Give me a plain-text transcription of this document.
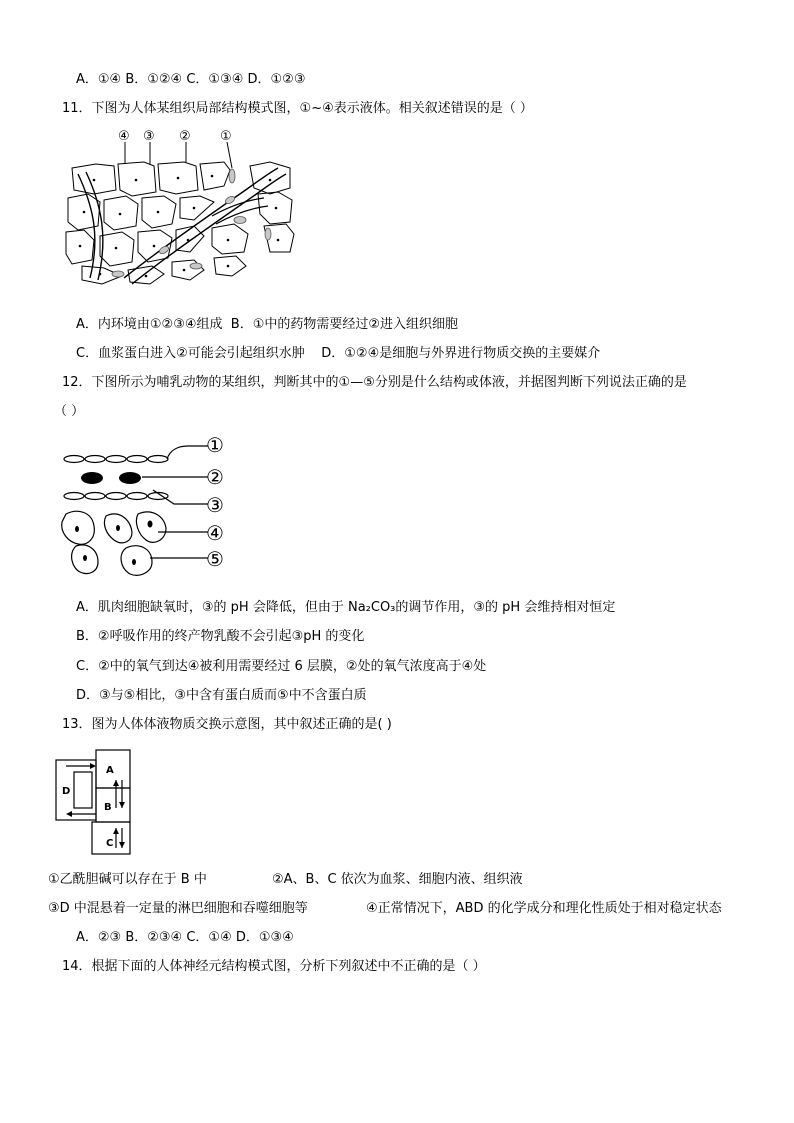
A．①④ B．①②④ C．①③④ D．①②③
11．下图为人体某组织局部结构模式图，①~④表示液体。相关叙述错误的是（ ）
④ ③ ② ①
A．内环境由①②③④组成 B．①中的药物需要经过②进入组织细胞
C．血浆蛋白进入②可能会引起组织水肿 D．①②④是细胞与外界进行物质交换的主要媒介
12．下图所示为哺乳动物的某组织，判断其中的①—⑤分别是什么结构或体液，并据图判断下列说法正确的是
（ ）
①
②
③
④
⑤
A．肌肉细胞缺氧时，③的 pH 会降低，但由于 Na₂CO₃的调节作用，③的 pH 会维持相对恒定
B．②呼吸作用的终产物乳酸不会引起③pH 的变化
C．②中的氧气到达④被利用需要经过 6 层膜，②处的氧气浓度高于④处
D．③与⑤相比，③中含有蛋白质而⑤中不含蛋白质
13．图为人体体液物质交换示意图，其中叙述正确的是( )
A
B
C
D
①乙酰胆碱可以存在于 B 中	②A、B、C 依次为血浆、细胞内液、组织液
③D 中混悬着一定量的淋巴细胞和吞噬细胞等	④正常情况下，ABD 的化学成分和理化性质处于相对稳定状态
A．②③ B．②③④ C．①④ D．①③④
14．根据下面的人体神经元结构模式图，分析下列叙述中不正确的是（ ）
